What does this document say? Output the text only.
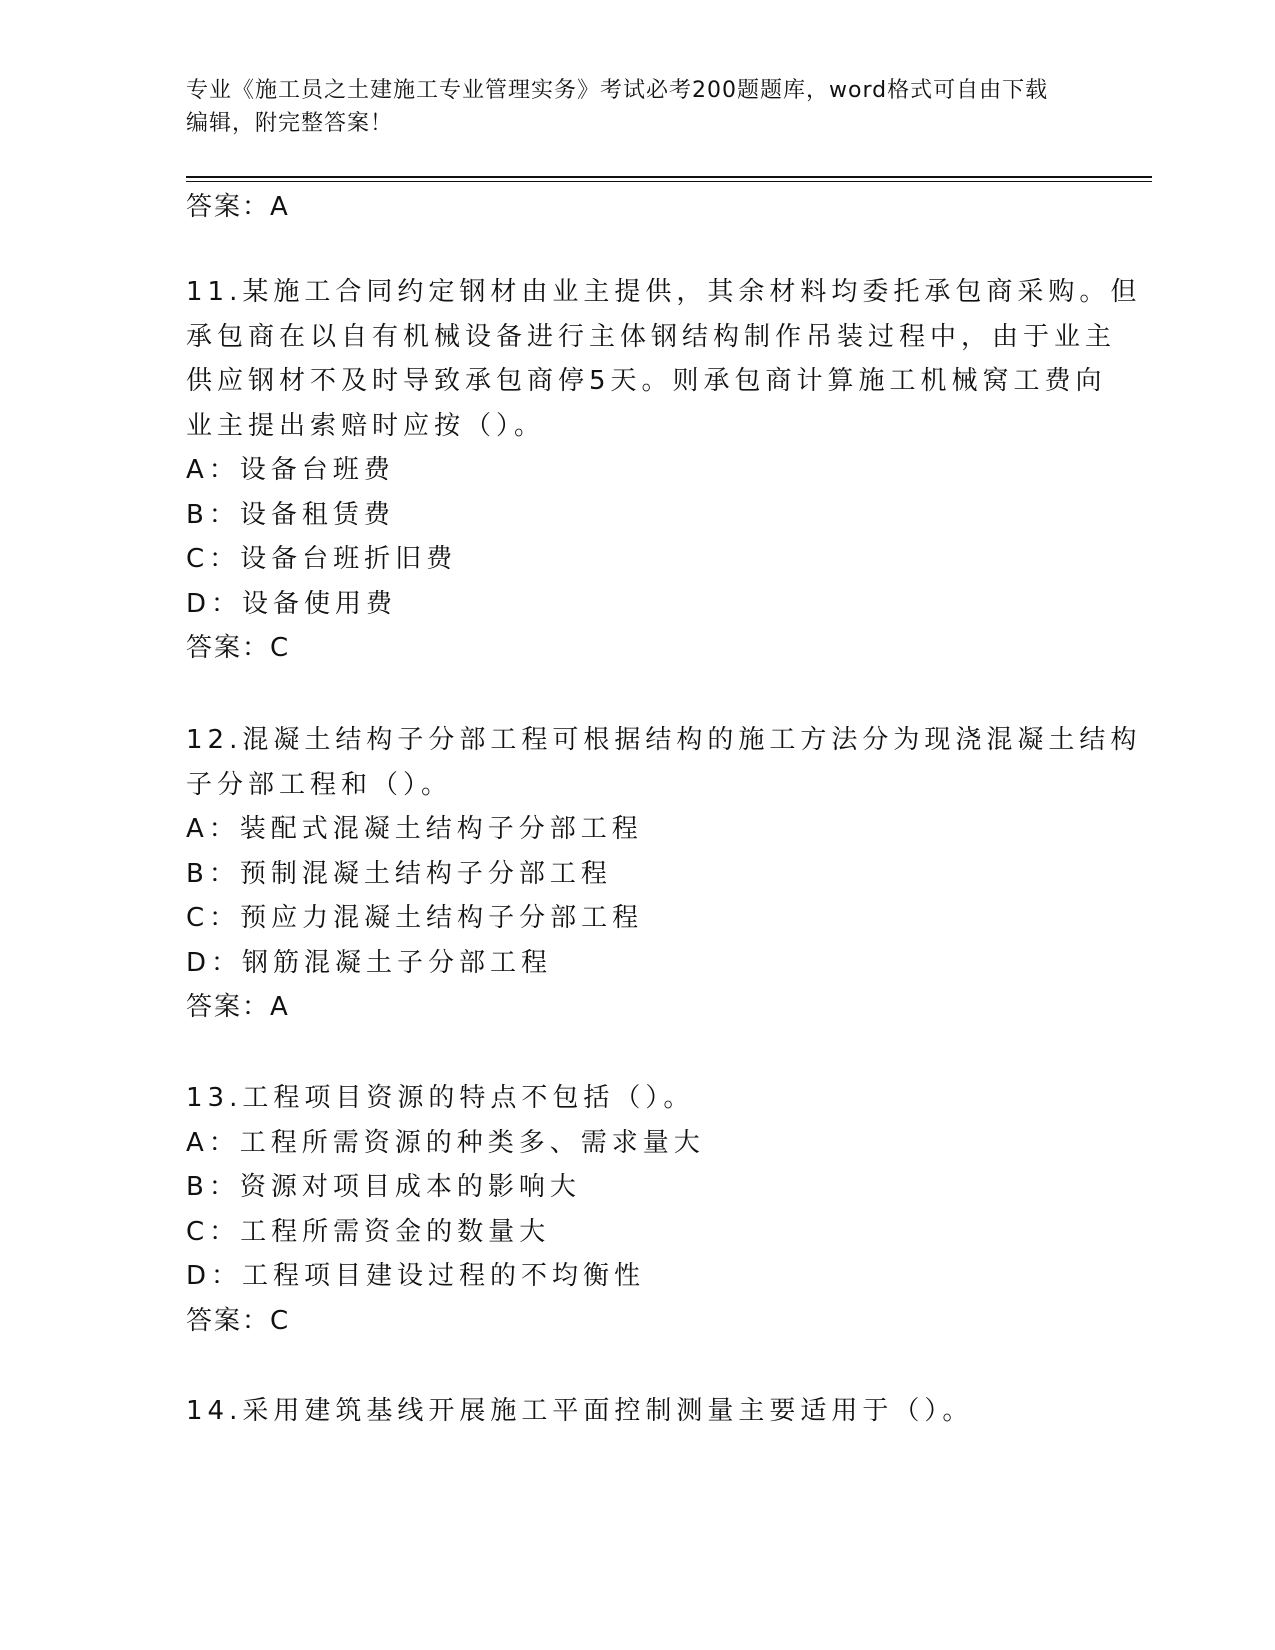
专业《施工员之土建施工专业管理实务》考试必考200题题库，word格式可自由下载编辑，附完整答案！
答案：A
11.某施工合同约定钢材由业主提供，其余材料均委托承包商采购。但
承包商在以自有机械设备进行主体钢结构制作吊装过程中，由于业主
供应钢材不及时导致承包商停5天。则承包商计算施工机械窝工费向
业主提出索赔时应按（）。
A：设备台班费
B：设备租赁费
C：设备台班折旧费
D：设备使用费
答案：C
12.混凝土结构子分部工程可根据结构的施工方法分为现浇混凝土结构
子分部工程和（）。
A：装配式混凝土结构子分部工程
B：预制混凝土结构子分部工程
C：预应力混凝土结构子分部工程
D：钢筋混凝土子分部工程
答案：A
13.工程项目资源的特点不包括（）。
A：工程所需资源的种类多、需求量大
B：资源对项目成本的影响大
C：工程所需资金的数量大
D：工程项目建设过程的不均衡性
答案：C
14.采用建筑基线开展施工平面控制测量主要适用于（）。
